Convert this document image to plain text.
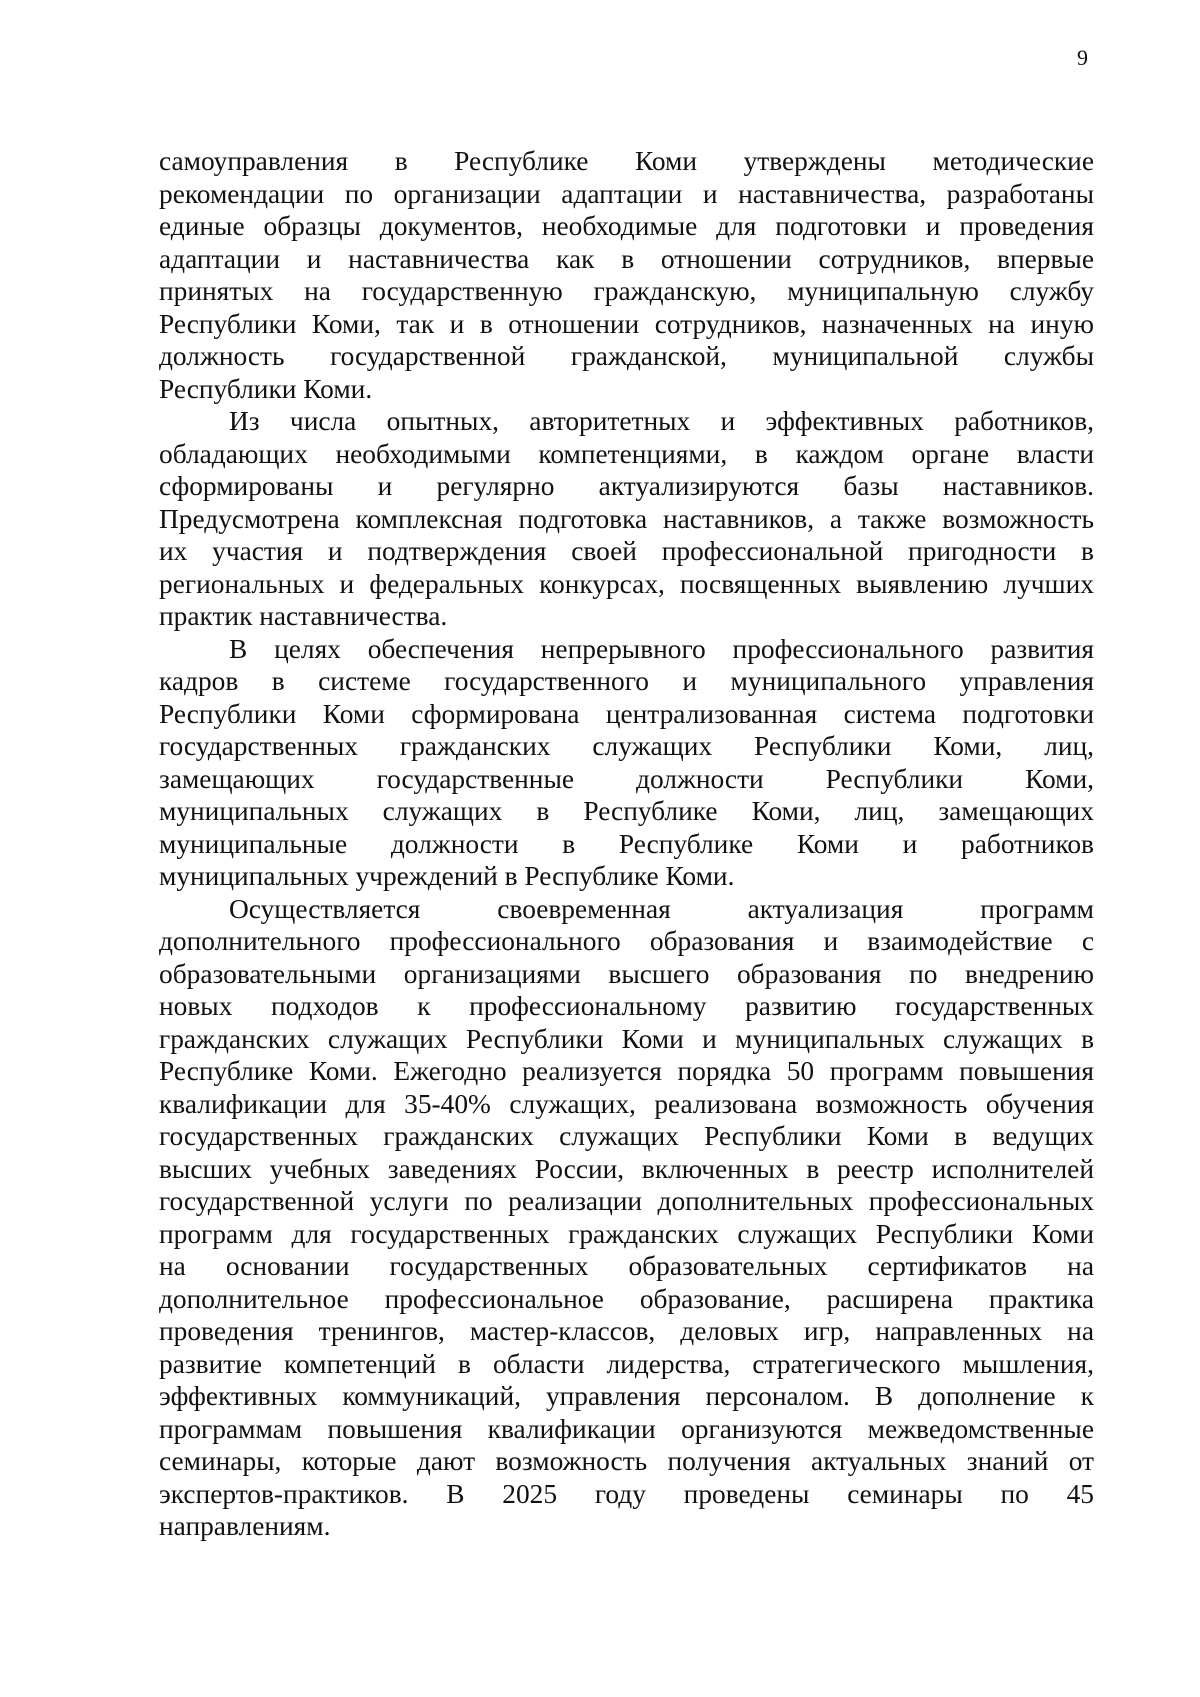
9
самоуправления в Республике Коми утверждены методические
рекомендации по организации адаптации и наставничества, разработаны
единые образцы документов, необходимые для подготовки и проведения
адаптации и наставничества как в отношении сотрудников, впервые
принятых на государственную гражданскую, муниципальную службу
Республики Коми, так и в отношении сотрудников, назначенных на иную
должность государственной гражданской, муниципальной службы
Республики Коми.
Из числа опытных, авторитетных и эффективных работников,
обладающих необходимыми компетенциями, в каждом органе власти
сформированы и регулярно актуализируются базы наставников.
Предусмотрена комплексная подготовка наставников, а также возможность
их участия и подтверждения своей профессиональной пригодности в
региональных и федеральных конкурсах, посвященных выявлению лучших
практик наставничества.
В целях обеспечения непрерывного профессионального развития
кадров в системе государственного и муниципального управления
Республики Коми сформирована централизованная система подготовки
государственных гражданских служащих Республики Коми, лиц,
замещающих государственные должности Республики Коми,
муниципальных служащих в Республике Коми, лиц, замещающих
муниципальные должности в Республике Коми и работников
муниципальных учреждений в Республике Коми.
Осуществляется своевременная актуализация программ
дополнительного профессионального образования и взаимодействие с
образовательными организациями высшего образования по внедрению
новых подходов к профессиональному развитию государственных
гражданских служащих Республики Коми и муниципальных служащих в
Республике Коми. Ежегодно реализуется порядка 50 программ повышения
квалификации для 35-40% служащих, реализована возможность обучения
государственных гражданских служащих Республики Коми в ведущих
высших учебных заведениях России, включенных в реестр исполнителей
государственной услуги по реализации дополнительных профессиональных
программ для государственных гражданских служащих Республики Коми
на основании государственных образовательных сертификатов на
дополнительное профессиональное образование, расширена практика
проведения тренингов, мастер-классов, деловых игр, направленных на
развитие компетенций в области лидерства, стратегического мышления,
эффективных коммуникаций, управления персоналом. В дополнение к
программам повышения квалификации организуются межведомственные
семинары, которые дают возможность получения актуальных знаний от
экспертов-практиков. В 2025 году проведены семинары по 45
направлениям.
